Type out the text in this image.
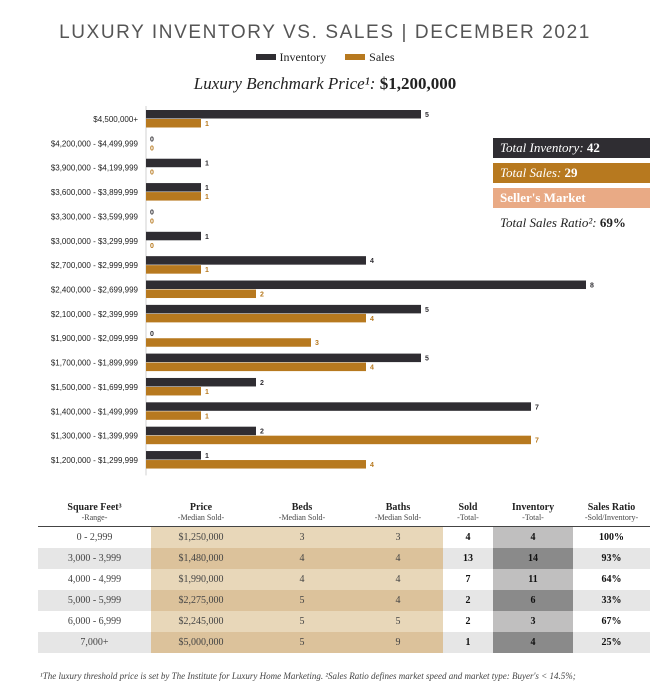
LUXURY INVENTORY VS. SALES | DECEMBER 2021
Inventory	Sales
Luxury Benchmark Price¹: $1,200,000
$4,500,000+	5
1
$4,200,000 - $4,499,999 0
0
$3,900,000 - $4,199,999	1
0
$3,600,000 - $3,899,999	1
1
$3,300,000 - $3,599,999 0
0
$3,000,000 - $3,299,999	1
0
$2,700,000 - $2,999,999	4
1
$2,400,000 - $2,699,999	8
2
$2,100,000 - $2,399,999	5
4
$1,900,000 - $2,099,999 0
3
$1,700,000 - $1,899,999	5
4
$1,500,000 - $1,699,999	2
1
$1,400,000 - $1,499,999	7
1
$1,300,000 - $1,399,999	2
7
$1,200,000 - $1,299,999	1
4
Total Inventory: 42
Total Sales: 29
Seller's Market
Total Sales Ratio²: 69%
Square Feet³	Price	Beds	Baths	Sold	Inventory	Sales Ratio
-Range-	-Median Sold-	-Median Sold-	-Median Sold-	-Total-	-Total-	-Sold/Inventory-
0 - 2,999	$1,250,000	3	3	4	4	100%
3,000 - 3,999	$1,480,000	4	4	13	14	93%
4,000 - 4,999	$1,990,000	4	4	7	11	64%
5,000 - 5,999	$2,275,000	5	4	2	6	33%
6,000 - 6,999	$2,245,000	5	5	2	3	67%
7,000+	$5,000,000	5	9	1	4	25%
¹The luxury threshold price is set by The Institute for Luxury Home Marketing. ²Sales Ratio defines market speed and market type: Buyer's < 14.5%;
